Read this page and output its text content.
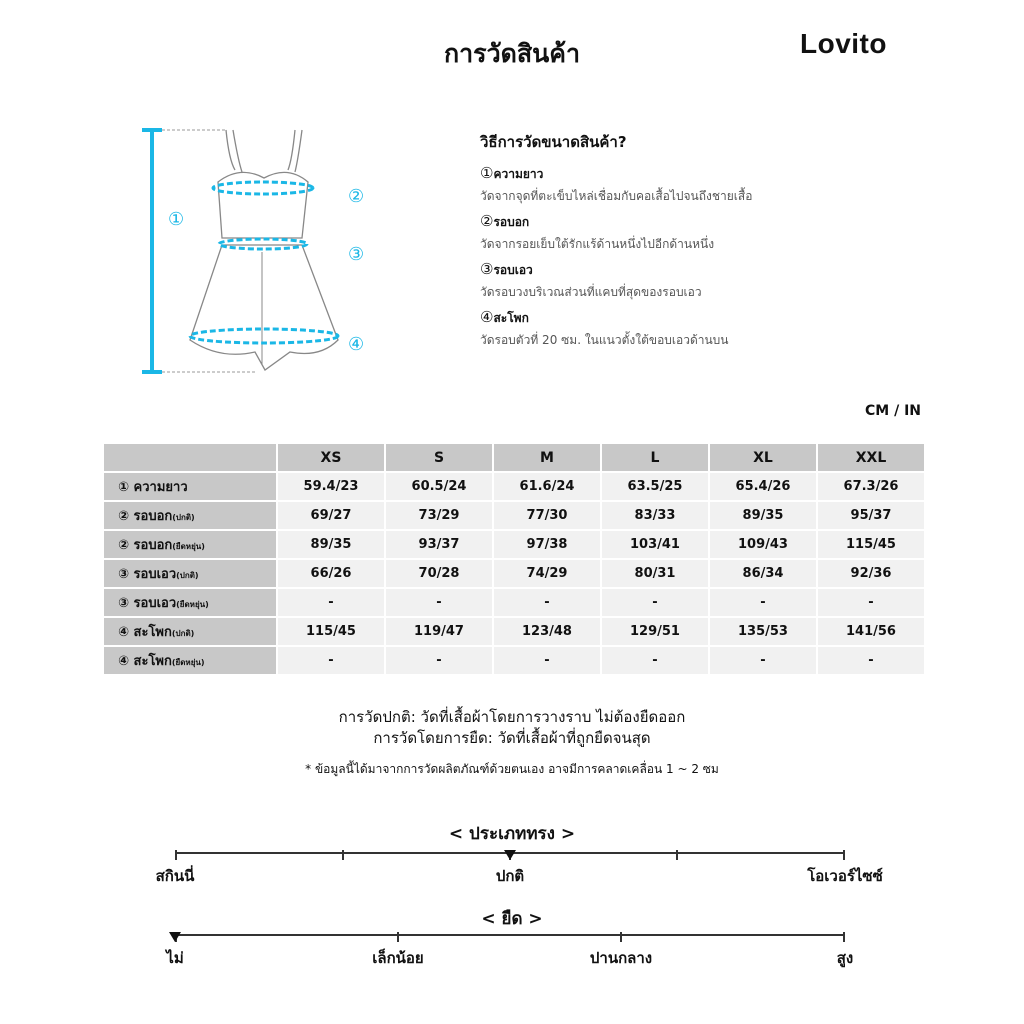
การวัดสินค้า	Lovito
①
②
③
④
วิธีการวัดขนาดสินค้า?
①ความยาว
วัดจากจุดที่ตะเข็บไหล่เชื่อมกับคอเสื้อไปจนถึงชายเสื้อ
②รอบอก
วัดจากรอยเย็บใต้รักแร้ด้านหนึ่งไปอีกด้านหนึ่ง
③รอบเอว
วัดรอบวงบริเวณส่วนที่แคบที่สุดของรอบเอว
④สะโพก
วัดรอบตัวที่ 20 ซม. ในแนวตั้งใต้ขอบเอวด้านบน
CM / IN
	XS	S	M	L	XL	XXL
① ความยาว	59.4/23	60.5/24	61.6/24	63.5/25	65.4/26	67.3/26
② รอบอก(ปกติ)	69/27	73/29	77/30	83/33	89/35	95/37
② รอบอก(ยืดหยุ่น)	89/35	93/37	97/38	103/41	109/43	115/45
③ รอบเอว(ปกติ)	66/26	70/28	74/29	80/31	86/34	92/36
③ รอบเอว(ยืดหยุ่น)	-	-	-	-	-	-
④ สะโพก(ปกติ)	115/45	119/47	123/48	129/51	135/53	141/56
④ สะโพก(ยืดหยุ่น)	-	-	-	-	-	-
การวัดปกติ: วัดที่เสื้อผ้าโดยการวางราบ ไม่ต้องยืดออก
การวัดโดยการยืด: วัดที่เสื้อผ้าที่ถูกยืดจนสุด
* ข้อมูลนี้ได้มาจากการวัดผลิตภัณฑ์ด้วยตนเอง อาจมีการคลาดเคลื่อน 1 ~ 2 ซม
< ประเภททรง >
สกินนี่	ปกติ	โอเวอร์ไซซ์
< ยืด >
ไม่	เล็กน้อย	ปานกลาง	สูง
